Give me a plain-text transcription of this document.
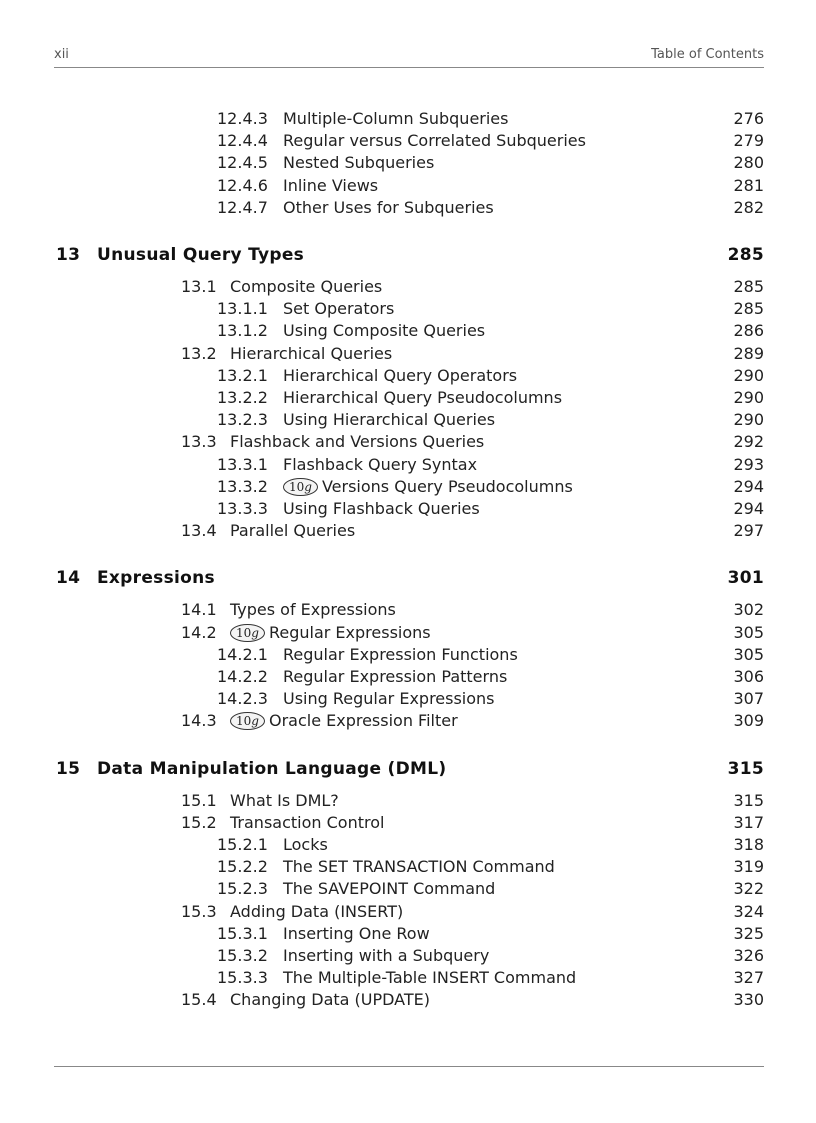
xii	Table of Contents
12.4.3 Multiple-Column Subqueries	276
12.4.4 Regular versus Correlated Subqueries	279
12.4.5 Nested Subqueries	280
12.4.6 Inline Views	281
12.4.7 Other Uses for Subqueries	282
13 Unusual Query Types	285
13.1 Composite Queries	285
13.1.1 Set Operators	285
13.1.2 Using Composite Queries	286
13.2 Hierarchical Queries	289
13.2.1 Hierarchical Query Operators	290
13.2.2 Hierarchical Query Pseudocolumns	290
13.2.3 Using Hierarchical Queries	290
13.3 Flashback and Versions Queries	292
13.3.1 Flashback Query Syntax	293
13.3.2	10g Versions Query Pseudocolumns	294
13.3.3 Using Flashback Queries	294
13.4 Parallel Queries	297
14 Expressions	301
14.1 Types of Expressions	302
14.2	10g Regular Expressions	305
14.2.1 Regular Expression Functions	305
14.2.2 Regular Expression Patterns	306
14.2.3 Using Regular Expressions	307
14.3	10g Oracle Expression Filter	309
15 Data Manipulation Language (DML)	315
15.1 What Is DML?	315
15.2 Transaction Control	317
15.2.1 Locks	318
15.2.2 The SET TRANSACTION Command	319
15.2.3 The SAVEPOINT Command	322
15.3 Adding Data (INSERT)	324
15.3.1 Inserting One Row	325
15.3.2 Inserting with a Subquery	326
15.3.3 The Multiple-Table INSERT Command	327
15.4 Changing Data (UPDATE)	330
